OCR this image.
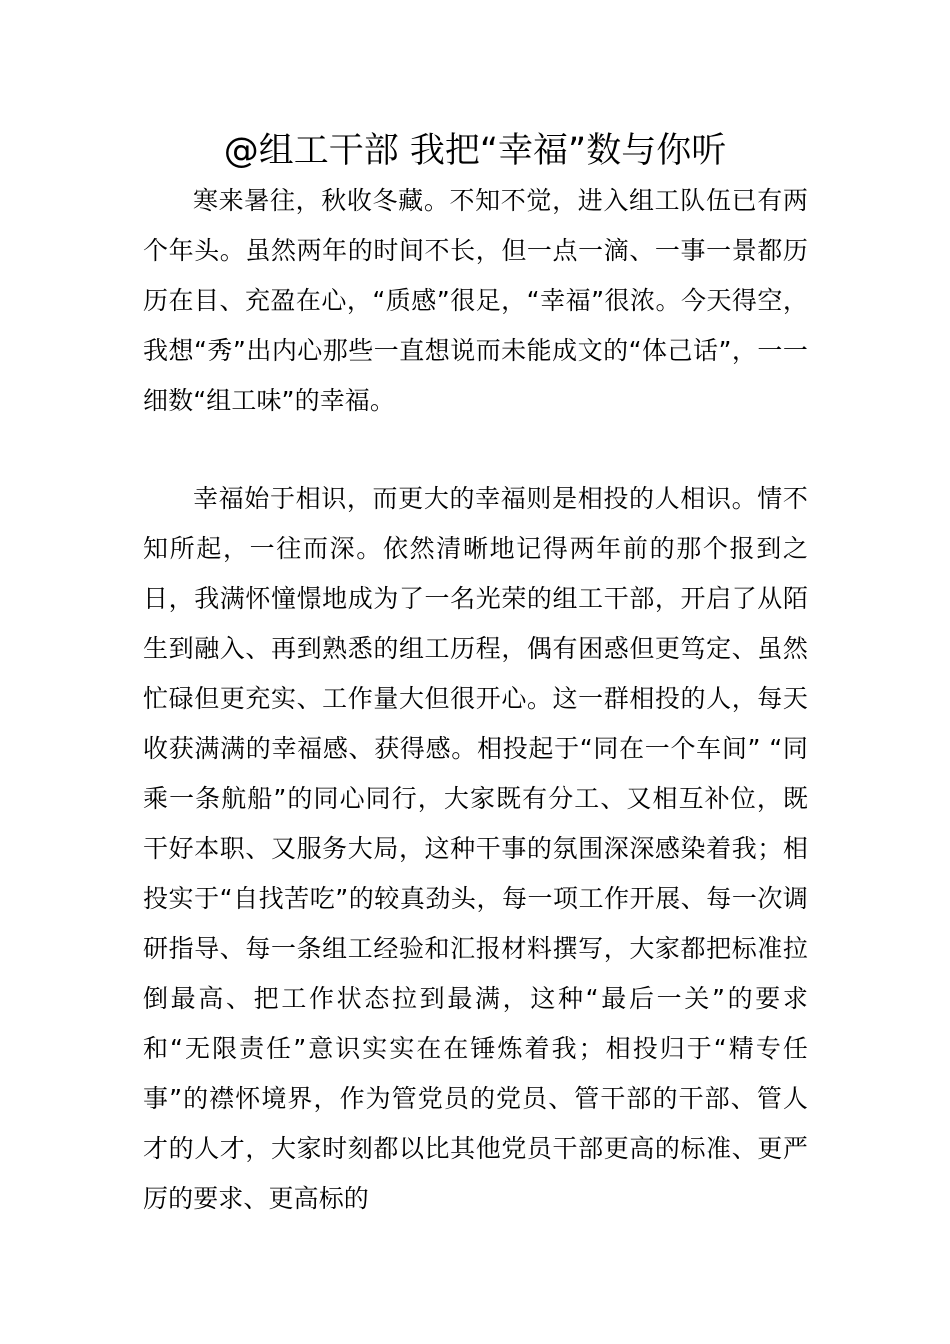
@组工干部 我把“幸福”数与你听

寒来暑往，秋收冬藏。不知不觉，进入组工队伍已有两个年头。虽然两年的时间不长，但一点一滴、一事一景都历历在目、充盈在心，“质感”很足，“幸福”很浓。今天得空，我想“秀”出内心那些一直想说而未能成文的“体己话”，一一细数“组工味”的幸福。

幸福始于相识，而更大的幸福则是相投的人相识。情不知所起，一往而深。依然清晰地记得两年前的那个报到之日，我满怀憧憬地成为了一名光荣的组工干部，开启了从陌生到融入、再到熟悉的组工历程，偶有困惑但更笃定、虽然忙碌但更充实、工作量大但很开心。这一群相投的人，每天收获满满的幸福感、获得感。相投起于“同在一个车间” “同乘一条航船”的同心同行，大家既有分工、又相互补位，既干好本职、又服务大局，这种干事的氛围深深感染着我；相投实于“自找苦吃”的较真劲头，每一项工作开展、每一次调研指导、每一条组工经验和汇报材料撰写，大家都把标准拉倒最高、把工作状态拉到最满，这种“最后一关”的要求和“无限责任”意识实实在在锤炼着我；相投归于“精专任事”的襟怀境界，作为管党员的党员、管干部的干部、管人才的人才，大家时刻都以比其他党员干部更高的标准、更严厉的要求、更高标的
